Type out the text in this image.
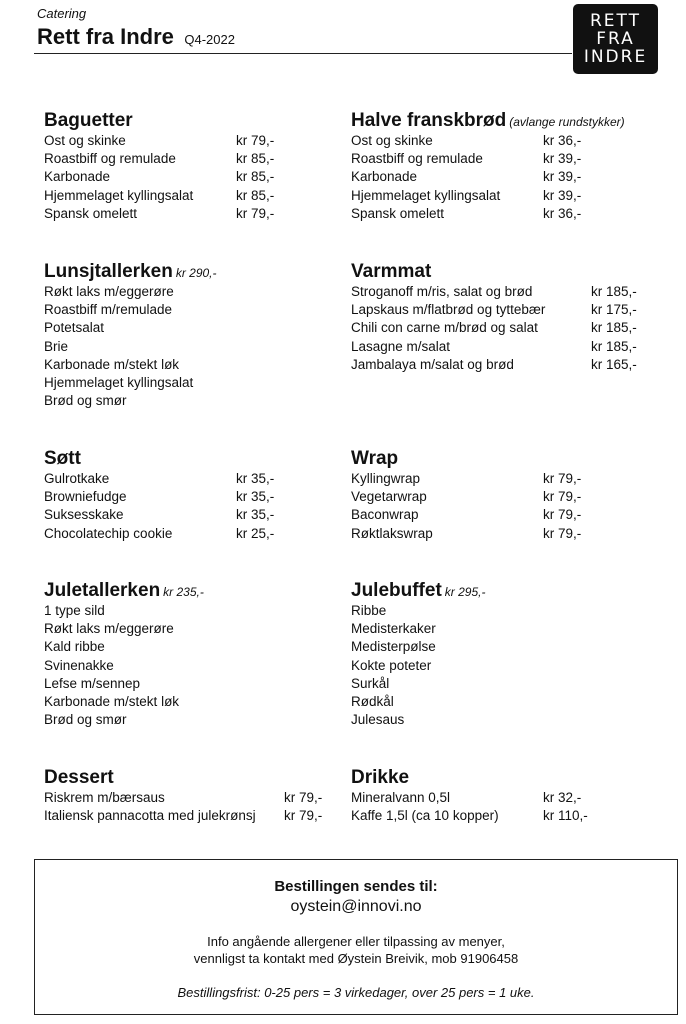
Catering
Rett fra Indre Q4-2022
RETT
FRA
INDRE
Baguetter
Ost og skinke	kr 79,-
Roastbiff og remulade	kr 85,-
Karbonade	kr 85,-
Hjemmelaget kyllingsalat	kr 85,-
Spansk omelett	kr 79,-
Halve franskbrød (avlange rundstykker)
Ost og skinke	kr 36,-
Roastbiff og remulade	kr 39,-
Karbonade	kr 39,-
Hjemmelaget kyllingsalat	kr 39,-
Spansk omelett	kr 36,-
Lunsjtallerken kr 290,-
Røkt laks m/eggerøre
Roastbiff m/remulade
Potetsalat
Brie
Karbonade m/stekt løk
Hjemmelaget kyllingsalat
Brød og smør
Varmmat
Stroganoff m/ris, salat og brød	kr 185,-
Lapskaus m/flatbrød og tyttebær	kr 175,-
Chili con carne m/brød og salat	kr 185,-
Lasagne m/salat	kr 185,-
Jambalaya m/salat og brød	kr 165,-
Søtt
Gulrotkake	kr 35,-
Browniefudge	kr 35,-
Suksesskake	kr 35,-
Chocolatechip cookie	kr 25,-
Wrap
Kyllingwrap	kr 79,-
Vegetarwrap	kr 79,-
Baconwrap	kr 79,-
Røktlakswrap	kr 79,-
Juletallerken kr 235,-
1 type sild
Røkt laks m/eggerøre
Kald ribbe
Svinenakke
Lefse m/sennep
Karbonade m/stekt løk
Brød og smør
Julebuffet kr 295,-
Ribbe
Medisterkaker
Medisterpølse
Kokte poteter
Surkål
Rødkål
Julesaus
Dessert
Riskrem m/bærsaus	kr 79,-
Italiensk pannacotta med julekrønsj kr 79,-
Drikke
Mineralvann 0,5l	kr 32,-
Kaffe 1,5l (ca 10 kopper)	kr 110,-
Bestillingen sendes til:
oystein@innovi.no
Info angående allergener eller tilpassing av menyer,
vennligst ta kontakt med Øystein Breivik, mob 91906458
Bestillingsfrist: 0-25 pers = 3 virkedager, over 25 pers = 1 uke.
